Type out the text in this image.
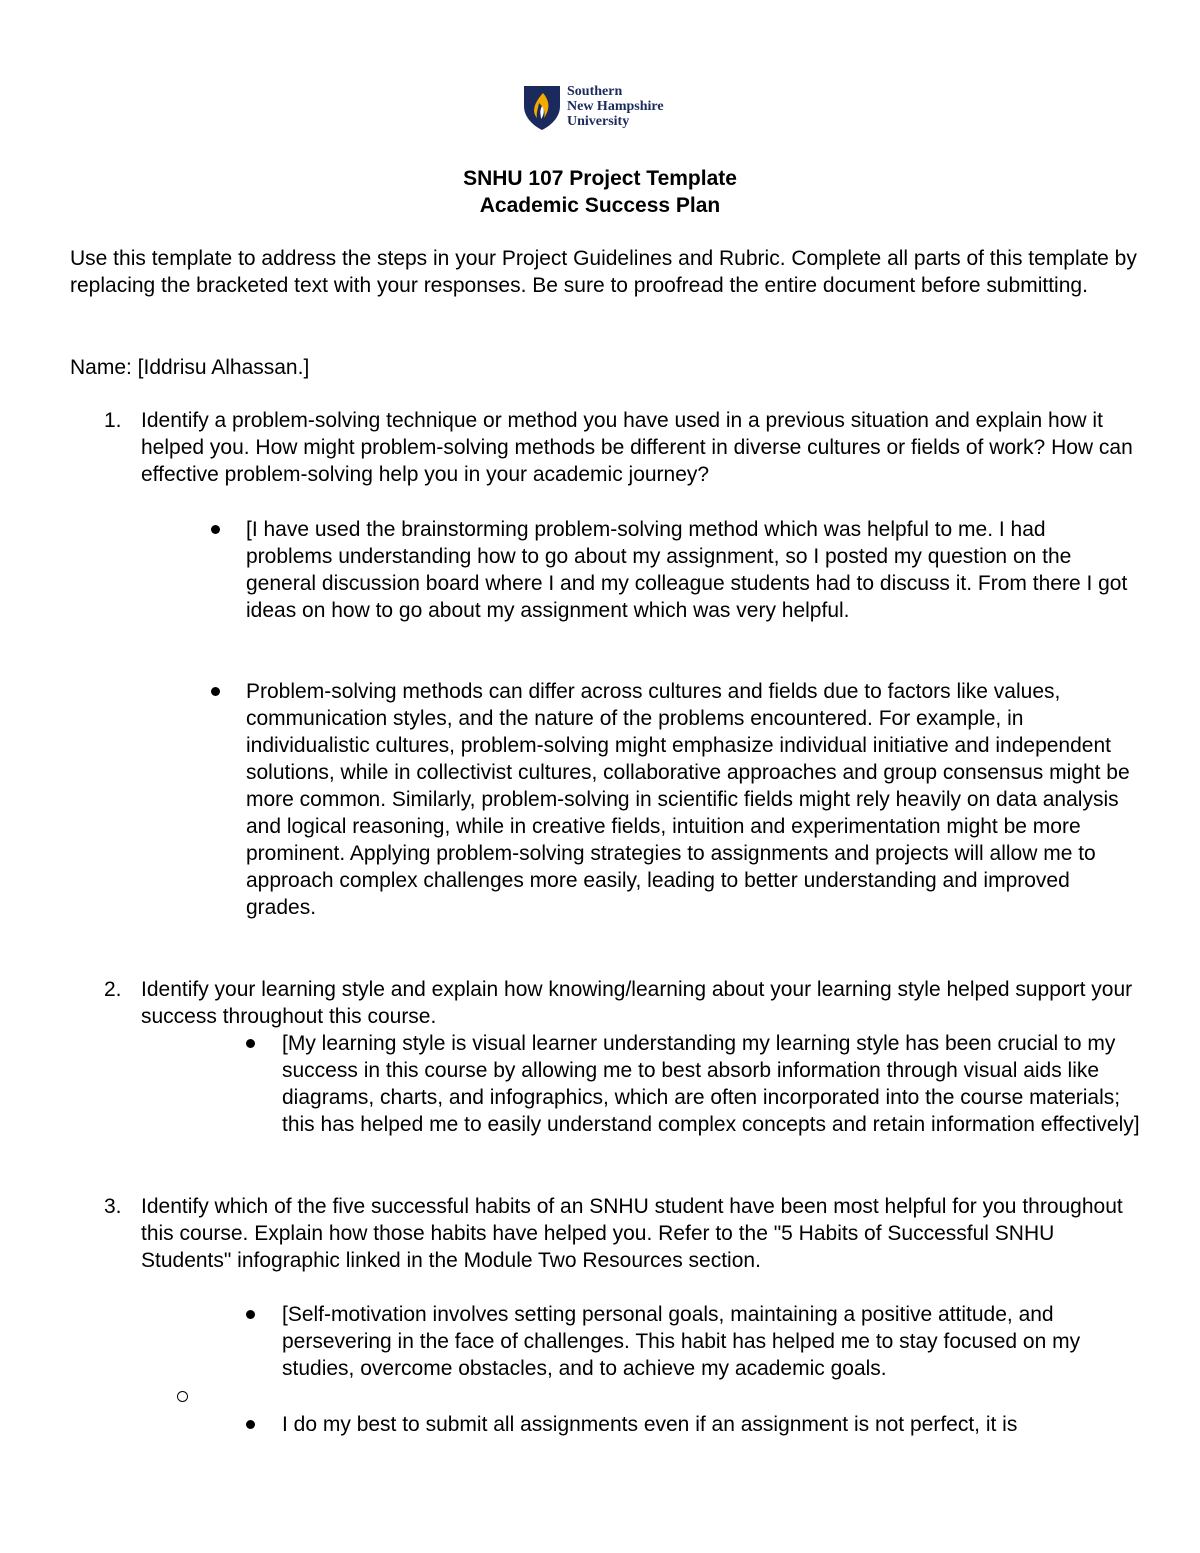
Southern
New Hampshire
University
SNHU 107 Project Template
Academic Success Plan
Use this template to address the steps in your Project Guidelines and Rubric. Complete all parts of this template by replacing the bracketed text with your responses. Be sure to proofread the entire document before submitting.
Name: [Iddrisu Alhassan.]
1. Identify a problem-solving technique or method you have used in a previous situation and explain how it helped you. How might problem-solving methods be different in diverse cultures or fields of work? How can effective problem-solving help you in your academic journey?
[I have used the brainstorming problem-solving method which was helpful to me. I had problems understanding how to go about my assignment, so I posted my question on the general discussion board where I and my colleague students had to discuss it. From there I got ideas on how to go about my assignment which was very helpful.
Problem-solving methods can differ across cultures and fields due to factors like values, communication styles, and the nature of the problems encountered. For example, in individualistic cultures, problem-solving might emphasize individual initiative and independent solutions, while in collectivist cultures, collaborative approaches and group consensus might be more common. Similarly, problem-solving in scientific fields might rely heavily on data analysis and logical reasoning, while in creative fields, intuition and experimentation might be more prominent. Applying problem-solving strategies to assignments and projects will allow me to approach complex challenges more easily, leading to better understanding and improved grades.
2. Identify your learning style and explain how knowing/learning about your learning style helped support your success throughout this course.
[My learning style is visual learner understanding my learning style has been crucial to my success in this course by allowing me to best absorb information through visual aids like diagrams, charts, and infographics, which are often incorporated into the course materials; this has helped me to easily understand complex concepts and retain information effectively]
3. Identify which of the five successful habits of an SNHU student have been most helpful for you throughout this course. Explain how those habits have helped you. Refer to the "5 Habits of Successful SNHU Students" infographic linked in the Module Two Resources section.
[Self-motivation involves setting personal goals, maintaining a positive attitude, and persevering in the face of challenges. This habit has helped me to stay focused on my studies, overcome obstacles, and to achieve my academic goals.
I do my best to submit all assignments even if an assignment is not perfect, it is
